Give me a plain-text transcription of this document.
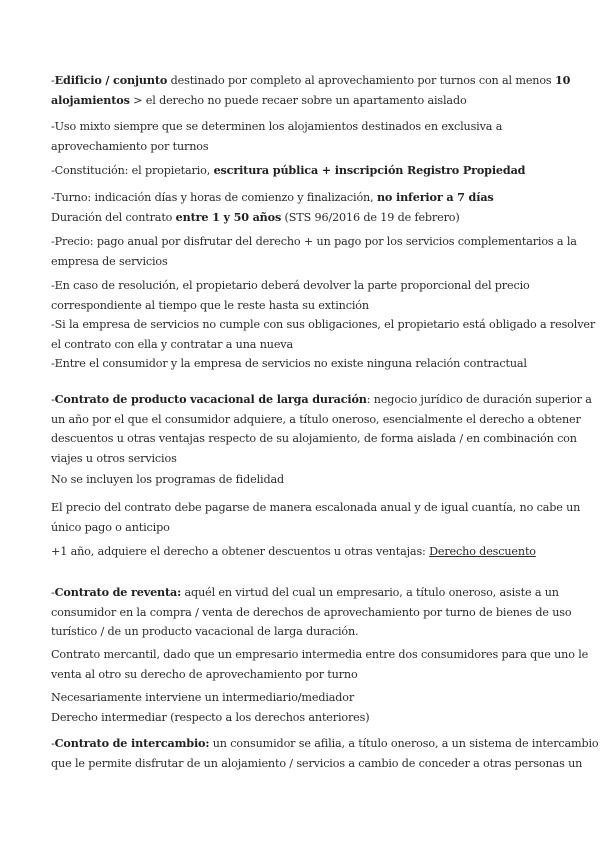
-Edificio / conjunto destinado por completo al aprovechamiento por turnos con al menos 10
alojamientos > el derecho no puede recaer sobre un apartamento aislado
-Uso mixto siempre que se determinen los alojamientos destinados en exclusiva a
aprovechamiento por turnos
-Constitución: el propietario, escritura pública + inscripción Registro Propiedad
-Turno: indicación días y horas de comienzo y finalización, no inferior a 7 días
Duración del contrato entre 1 y 50 años (STS 96/2016 de 19 de febrero)
-Precio: pago anual por disfrutar del derecho + un pago por los servicios complementarios a la
empresa de servicios
-En caso de resolución, el propietario deberá devolver la parte proporcional del precio
correspondiente al tiempo que le reste hasta su extinción
-Si la empresa de servicios no cumple con sus obligaciones, el propietario está obligado a resolver
el contrato con ella y contratar a una nueva
-Entre el consumidor y la empresa de servicios no existe ninguna relación contractual
-Contrato de producto vacacional de larga duración: negocio jurídico de duración superior a
un año por el que el consumidor adquiere, a título oneroso, esencialmente el derecho a obtener
descuentos u otras ventajas respecto de su alojamiento, de forma aislada / en combinación con
viajes u otros servicios
No se incluyen los programas de fidelidad
El precio del contrato debe pagarse de manera escalonada anual y de igual cuantía, no cabe un
único pago o anticipo
+1 año, adquiere el derecho a obtener descuentos u otras ventajas: Derecho descuento
-Contrato de reventa: aquél en virtud del cual un empresario, a título oneroso, asiste a un
consumidor en la compra / venta de derechos de aprovechamiento por turno de bienes de uso
turístico / de un producto vacacional de larga duración.
Contrato mercantil, dado que un empresario intermedia entre dos consumidores para que uno le
venta al otro su derecho de aprovechamiento por turno
Necesariamente interviene un intermediario/mediador
Derecho intermediar (respecto a los derechos anteriores)
-Contrato de intercambio: un consumidor se afilia, a título oneroso, a un sistema de intercambio
que le permite disfrutar de un alojamiento / servicios a cambio de conceder a otras personas un
